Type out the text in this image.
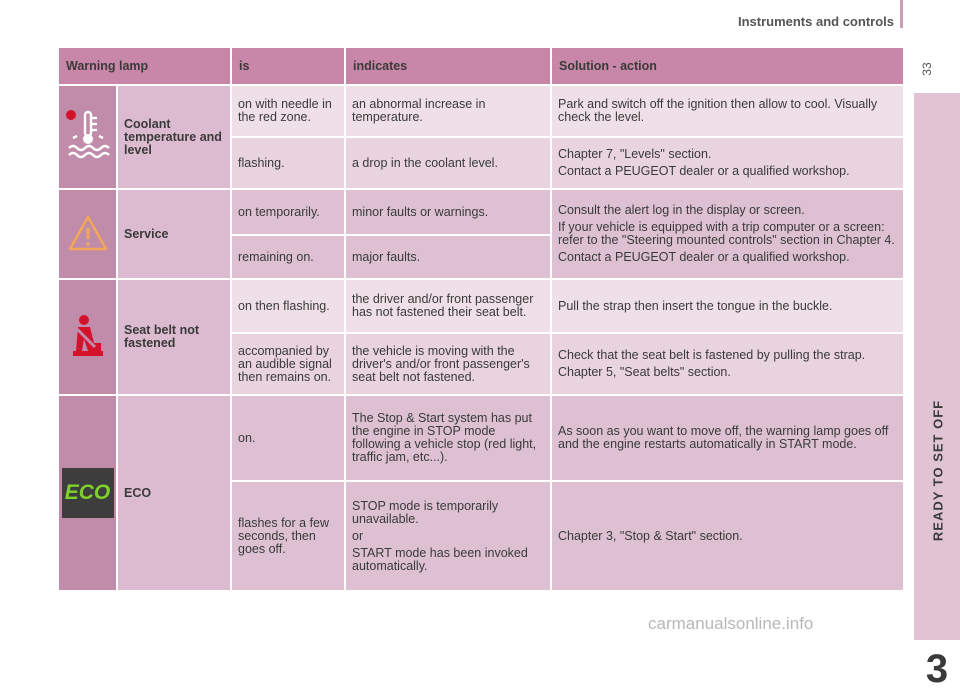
Instruments and controls
33
READY TO SET OFF
3
Warning lamp		is	indicates	Solution - action
	Coolant temperature and level	on with needle in the red zone.	an abnormal increase in temperature.	Park and switch off the ignition then allow to cool. Visually check the level.

		flashing.	a drop in the coolant level.	Chapter 7, "Levels" section.

Contact a PEUGEOT dealer or a qualified workshop.

	Service	on temporarily.	minor faults or warnings.	Consult the alert log in the display or screen.

If your vehicle is equipped with a trip computer or a screen: refer to the "Steering mounted controls" section in Chapter 4.

Contact a PEUGEOT dealer or a qualified workshop.

		remaining on.	major faults.	
	Seat belt not fastened	on then flashing.	the driver and/or front passenger has not fastened their seat belt.	Pull the strap then insert the tongue in the buckle.

		accompanied by an audible signal then remains on.	the vehicle is moving with the driver's and/or front passenger's seat belt not fastened.	Check that the seat belt is fastened by pulling the strap.

Chapter 5, "Seat belts" section.

ECO	ECO	on.	The Stop & Start system has put the engine in STOP mode following a vehicle stop (red light, traffic jam, etc...).	As soon as you want to move off, the warning lamp goes off and the engine restarts automatically in START mode.

		flashes for a few seconds, then goes off.	STOP mode is temporarily unavailable.

or

START mode has been invoked automatically.	Chapter 3, "Stop & Start" section.

carmanualsonline.info
